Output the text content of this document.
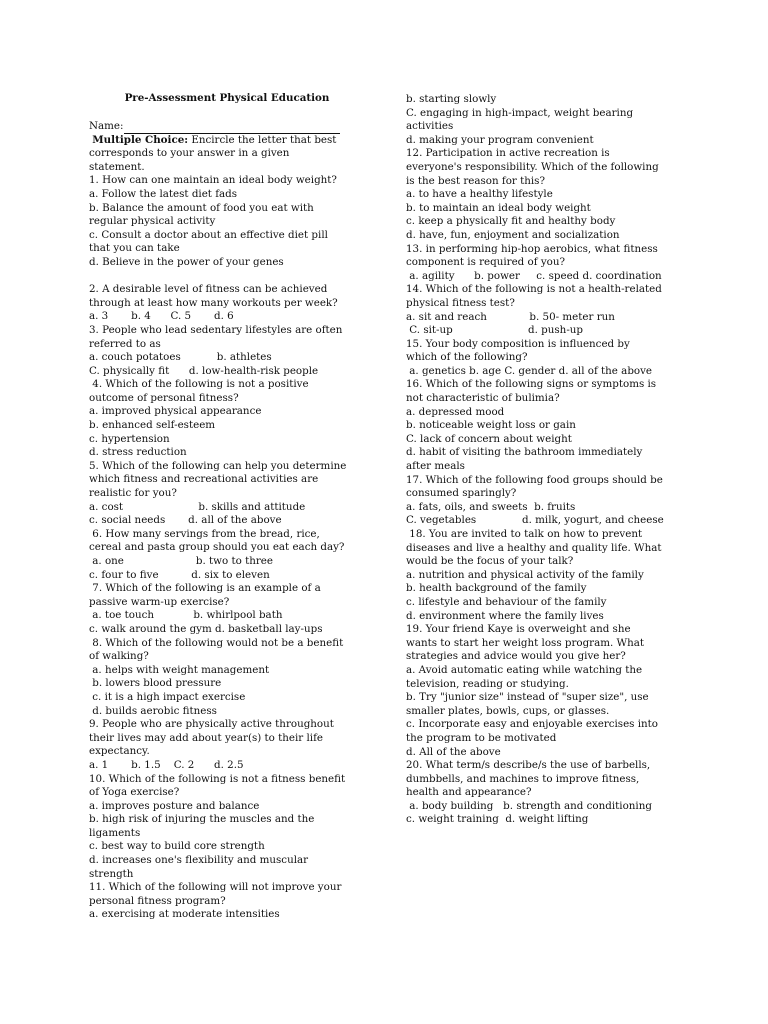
Pre-Assessment Physical Education
Name:
Multiple Choice: Encircle the letter that best
corresponds to your answer in a given
statement.
1. How can one maintain an ideal body weight?
a. Follow the latest diet fads
b. Balance the amount of food you eat with
regular physical activity
c. Consult a doctor about an effective diet pill
that you can take
d. Believe in the power of your genes
2. A desirable level of fitness can be achieved
through at least how many workouts per week?
a. 3       b. 4      C. 5       d. 6
3. People who lead sedentary lifestyles are often
referred to as
a. couch potatoes           b. athletes
C. physically fit      d. low-health-risk people
4. Which of the following is not a positive
outcome of personal fitness?
a. improved physical appearance
b. enhanced self-esteem
c. hypertension
d. stress reduction
5. Which of the following can help you determine
which fitness and recreational activities are
realistic for you?
a. cost                       b. skills and attitude
c. social needs       d. all of the above
6. How many servings from the bread, rice,
cereal and pasta group should you eat each day?
a. one                      b. two to three
c. four to five          d. six to eleven
7. Which of the following is an example of a
passive warm-up exercise?
a. toe touch            b. whirlpool bath
c. walk around the gym d. basketball lay-ups
8. Which of the following would not be a benefit
of walking?
a. helps with weight management
b. lowers blood pressure
c. it is a high impact exercise
d. builds aerobic fitness
9. People who are physically active throughout
their lives may add about year(s) to their life
expectancy.
a. 1       b. 1.5    C. 2      d. 2.5
10. Which of the following is not a fitness benefit
of Yoga exercise?
a. improves posture and balance
b. high risk of injuring the muscles and the
ligaments
c. best way to build core strength
d. increases one's flexibility and muscular
strength
11. Which of the following will not improve your
personal fitness program?
a. exercising at moderate intensities
b. starting slowly
C. engaging in high-impact, weight bearing
activities
d. making your program convenient
12. Participation in active recreation is
everyone's responsibility. Which of the following
is the best reason for this?
a. to have a healthy lifestyle
b. to maintain an ideal body weight
c. keep a physically fit and healthy body
d. have, fun, enjoyment and socialization
13. in performing hip-hop aerobics, what fitness
component is required of you?
a. agility      b. power     c. speed d. coordination
14. Which of the following is not a health-related
physical fitness test?
a. sit and reach             b. 50- meter run
C. sit-up                       d. push-up
15. Your body composition is influenced by
which of the following?
a. genetics b. age C. gender d. all of the above
16. Which of the following signs or symptoms is
not characteristic of bulimia?
a. depressed mood
b. noticeable weight loss or gain
C. lack of concern about weight
d. habit of visiting the bathroom immediately
after meals
17. Which of the following food groups should be
consumed sparingly?
a. fats, oils, and sweets  b. fruits
C. vegetables              d. milk, yogurt, and cheese
18. You are invited to talk on how to prevent
diseases and live a healthy and quality life. What
would be the focus of your talk?
a. nutrition and physical activity of the family
b. health background of the family
c. lifestyle and behaviour of the family
d. environment where the family lives
19. Your friend Kaye is overweight and she
wants to start her weight loss program. What
strategies and advice would you give her?
a. Avoid automatic eating while watching the
television, reading or studying.
b. Try "junior size" instead of "super size", use
smaller plates, bowls, cups, or glasses.
c. Incorporate easy and enjoyable exercises into
the program to be motivated
d. All of the above
20. What term/s describe/s the use of barbells,
dumbbells, and machines to improve fitness,
health and appearance?
a. body building   b. strength and conditioning
c. weight training  d. weight lifting
